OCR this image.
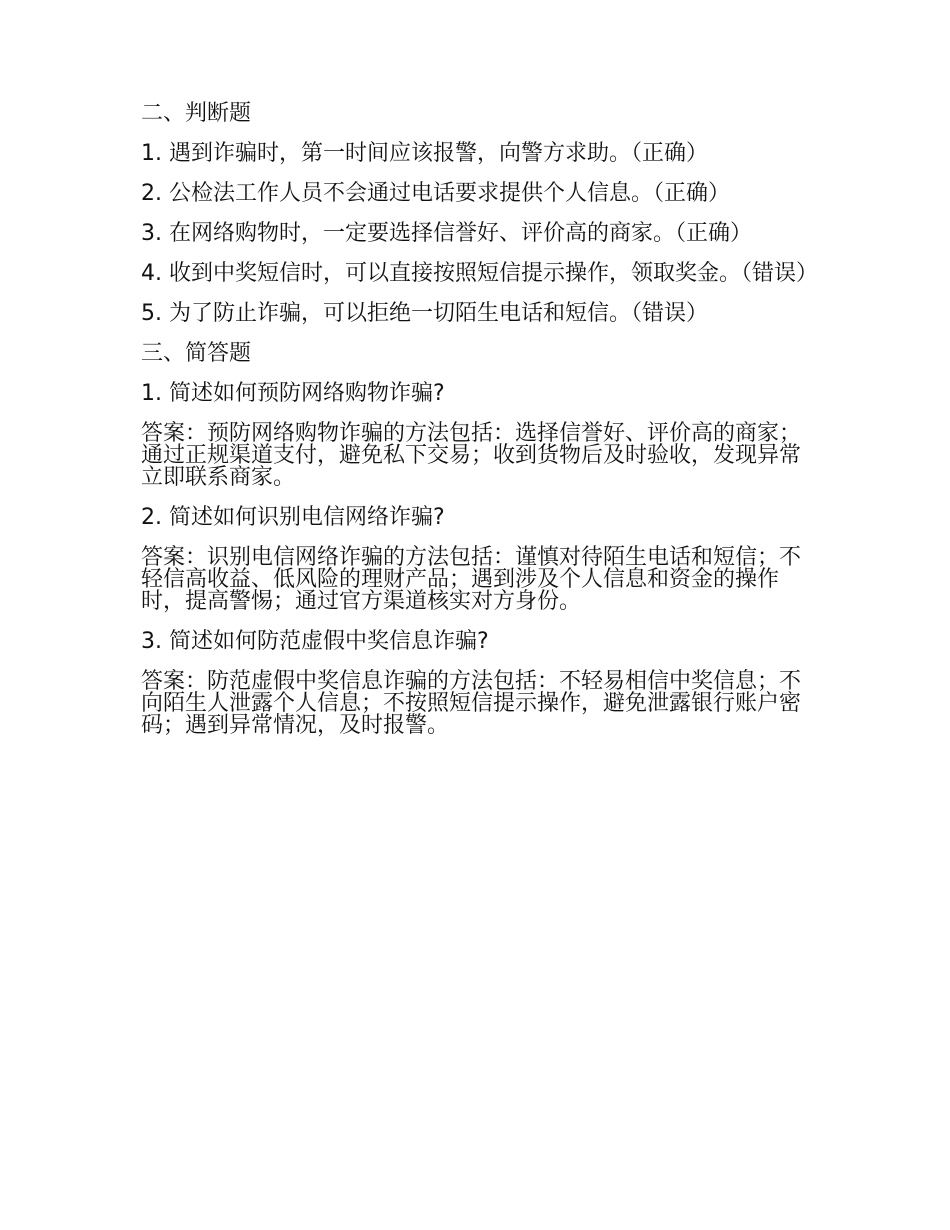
二、判断题
1. 遇到诈骗时，第一时间应该报警，向警方求助。（正确）
2. 公检法工作人员不会通过电话要求提供个人信息。（正确）
3. 在网络购物时，一定要选择信誉好、评价高的商家。（正确）
4. 收到中奖短信时，可以直接按照短信提示操作，领取奖金。（错误）
5. 为了防止诈骗，可以拒绝一切陌生电话和短信。（错误）
三、简答题
1. 简述如何预防网络购物诈骗?
答案：预防网络购物诈骗的方法包括：选择信誉好、评价高的商家；通过正规渠道支付，避免私下交易；收到货物后及时验收，发现异常立即联系商家。
2. 简述如何识别电信网络诈骗?
答案：识别电信网络诈骗的方法包括：谨慎对待陌生电话和短信；不轻信高收益、低风险的理财产品；遇到涉及个人信息和资金的操作时，提高警惕；通过官方渠道核实对方身份。
3. 简述如何防范虚假中奖信息诈骗?
答案：防范虚假中奖信息诈骗的方法包括：不轻易相信中奖信息；不向陌生人泄露个人信息；不按照短信提示操作，避免泄露银行账户密码；遇到异常情况，及时报警。
